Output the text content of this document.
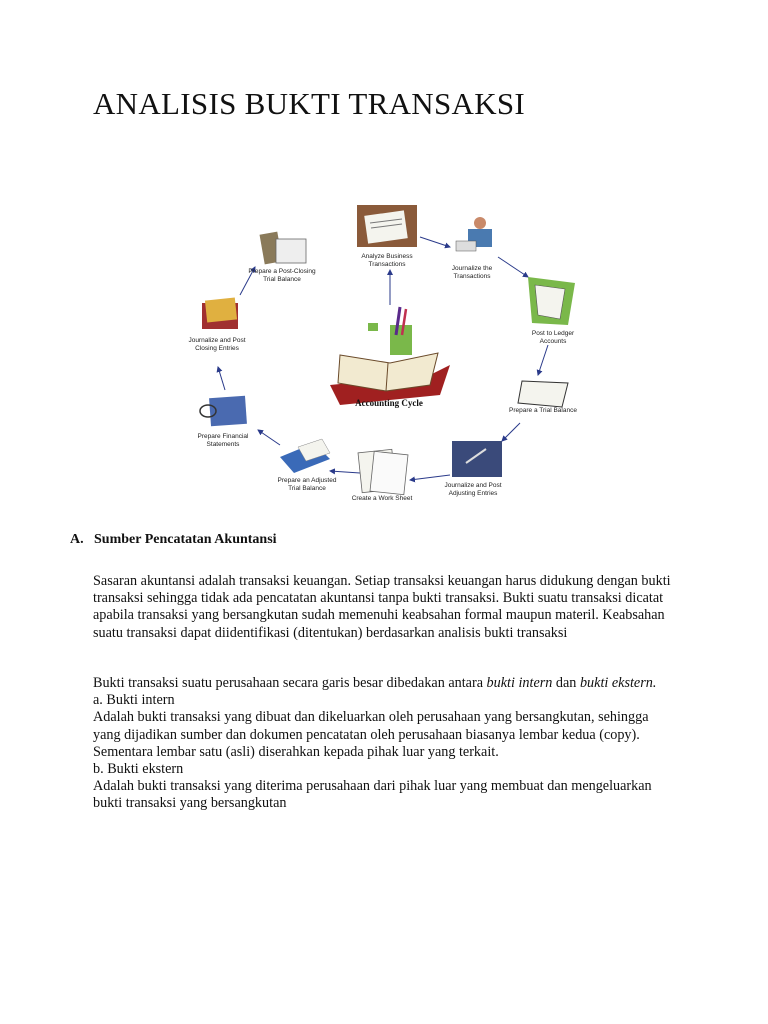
ANALISIS BUKTI TRANSAKSI
Analyze Business Transactions
Journalize the Transactions
Post to Ledger Accounts
Prepare a Trial Balance
Journalize and Post Adjusting Entries
Create a Work Sheet
Prepare an Adjusted Trial Balance
Prepare Financial Statements
Journalize and Post Closing Entries
Prepare a Post-Closing Trial Balance
Accounting Cycle
A. Sumber Pencatatan Akuntansi

Sasaran akuntansi adalah transaksi keuangan. Setiap transaksi keuangan harus didukung dengan bukti transaksi sehingga tidak ada pencatatan akuntansi tanpa bukti transaksi. Bukti suatu transaksi dicatat apabila transaksi yang bersangkutan sudah memenuhi keabsahan formal maupun materil. Keabsahan suatu transaksi dapat diidentifikasi (ditentukan) berdasarkan analisis bukti transaksi

Bukti transaksi suatu perusahaan secara garis besar dibedakan antara bukti intern dan bukti ekstern.

a. Bukti intern

Adalah bukti transaksi yang dibuat dan dikeluarkan oleh perusahaan yang bersangkutan, sehingga yang dijadikan sumber dan dokumen pencatatan oleh perusahaan biasanya lembar kedua (copy). Sementara lembar satu (asli) diserahkan kepada pihak luar yang terkait.

b. Bukti ekstern

Adalah bukti transaksi yang diterima perusahaan dari pihak luar yang membuat dan mengeluarkan bukti transaksi yang bersangkutan
